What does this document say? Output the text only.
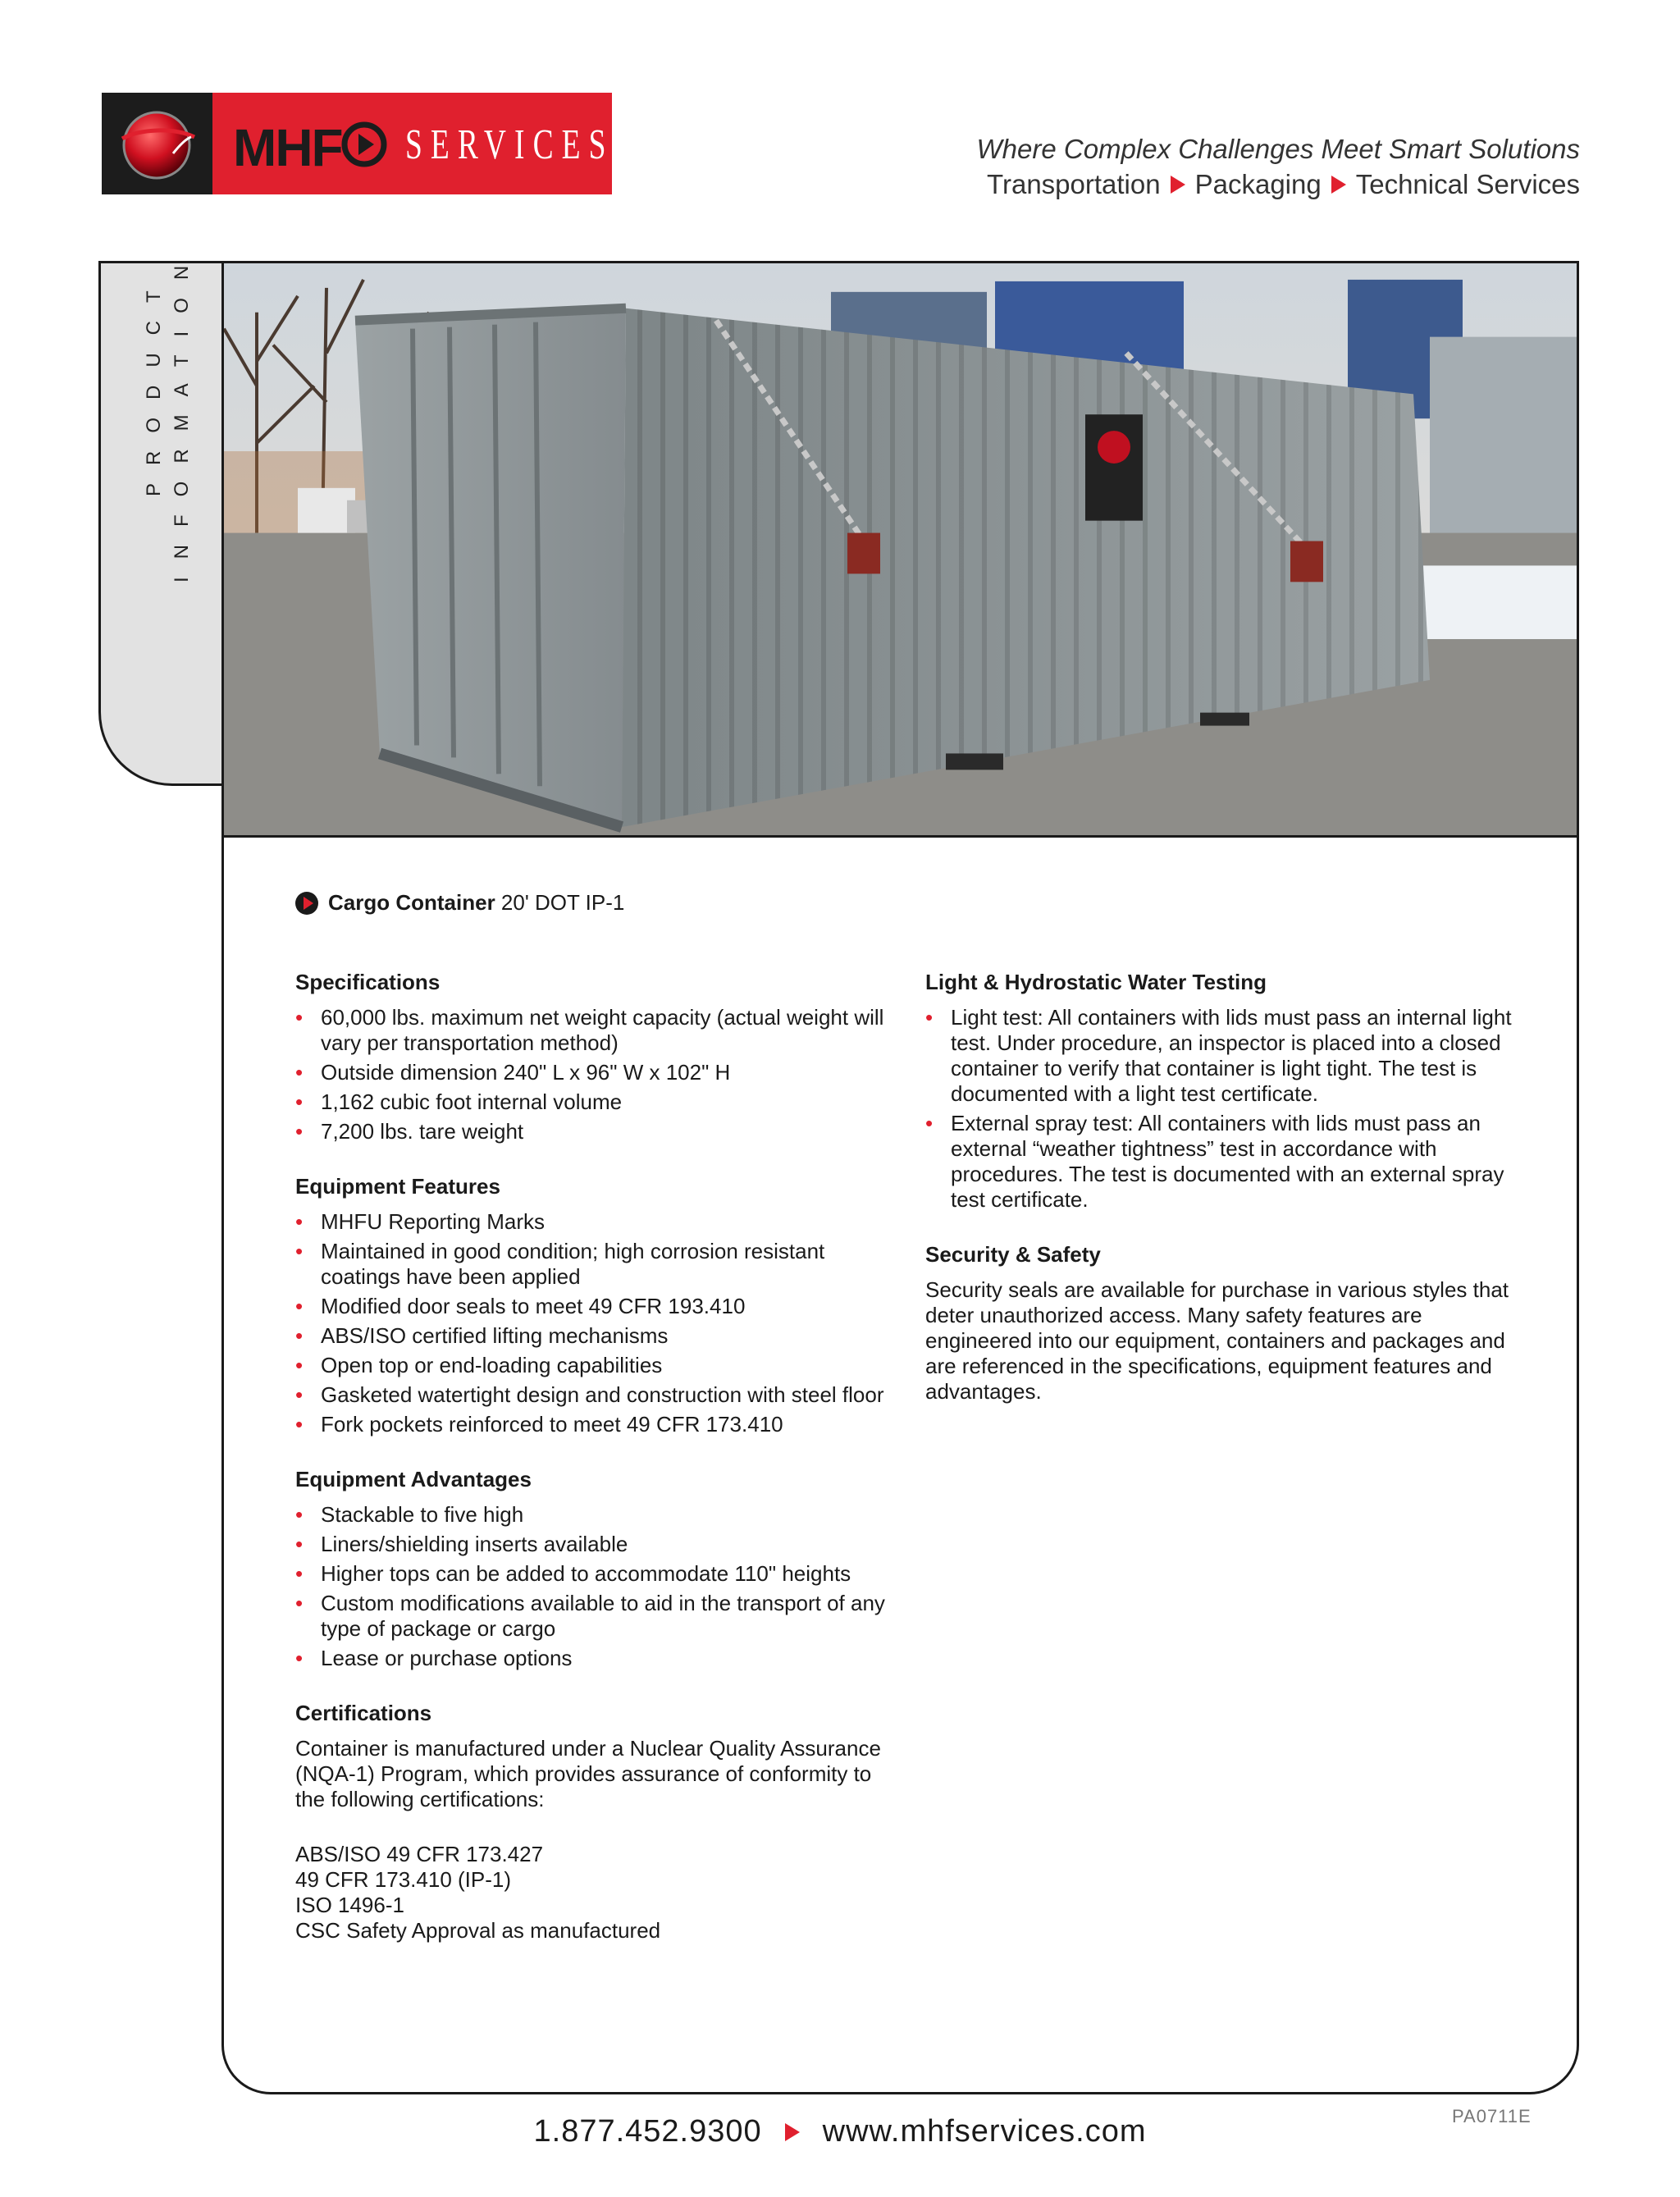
MHF SERVICES	Where Complex Challenges Meet Smart Solutions
Transportation Packaging Technical Services
PRODUCT INFORMATION
Cargo Container 20' DOT IP-1
Specifications
• 60,000 lbs. maximum net weight capacity (actual weight will vary per transportation method)
• Outside dimension 240" L x 96" W x 102" H
• 1,162 cubic foot internal volume
• 7,200 lbs. tare weight
Equipment Features
• MHFU Reporting Marks
• Maintained in good condition; high corrosion resistant coatings have been applied
• Modified door seals to meet 49 CFR 193.410
• ABS/ISO certified lifting mechanisms
• Open top or end-loading capabilities
• Gasketed watertight design and construction with steel floor
• Fork pockets reinforced to meet 49 CFR 173.410
Equipment Advantages
• Stackable to five high
• Liners/shielding inserts available
• Higher tops can be added to accommodate 110" heights
• Custom modifications available to aid in the transport of any type of package or cargo
• Lease or purchase options
Certifications

Container is manufactured under a Nuclear Quality Assurance (NQA-1) Program, which provides assurance of conformity to the following certifications:

ABS/ISO 49 CFR 173.427
49 CFR 173.410 (IP-1)
ISO 1496-1
CSC Safety Approval as manufactured
Light & Hydrostatic Water Testing
• Light test: All containers with lids must pass an internal light test. Under procedure, an inspector is placed into a closed container to verify that container is light tight. The test is documented with a light test certificate.
• External spray test: All containers with lids must pass an external “weather tightness” test in accordance with procedures. The test is documented with an external spray test certificate.
Security & Safety

Security seals are available for purchase in various styles that deter unauthorized access. Many safety features are engineered into our equipment, containers and packages and are referenced in the specifications, equipment features and advantages.

PA0711E
1.877.452.9300 www.mhfservices.com
